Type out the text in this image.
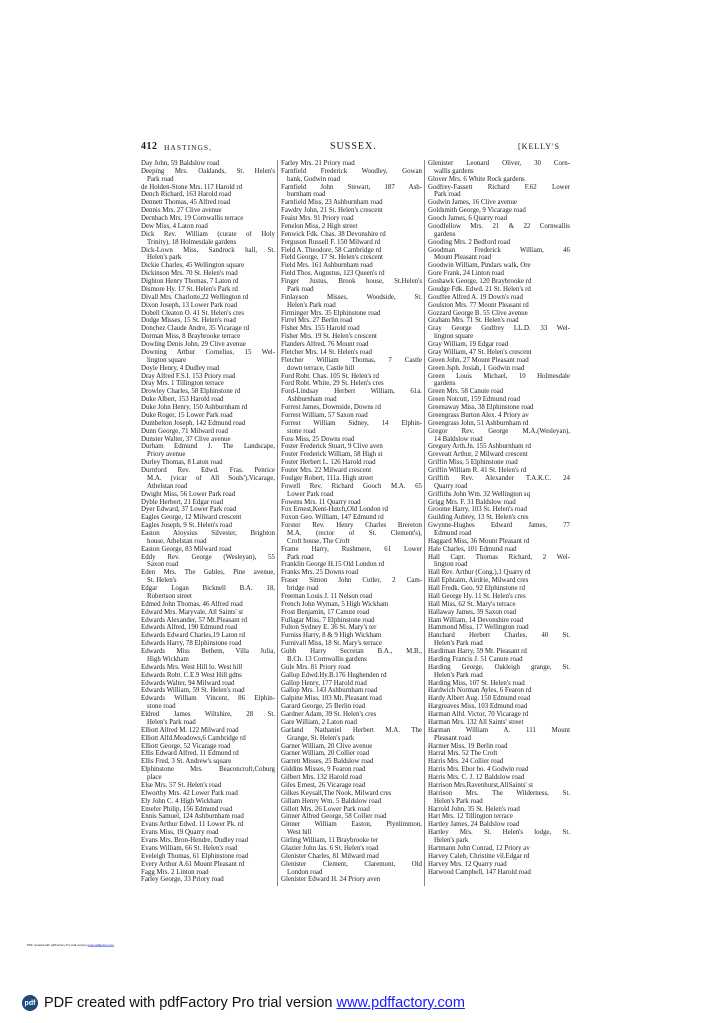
412 HASTINGS,	SUSSEX.	[KELLY'S
Day John, 59 Baldslow road
Deeping Mrs. Oaklands, St. Helen's
Park road
de Holden-Stone Mrs. 117 Harold rd
Dench Richard, 163 Harold road
Dennett Thomas, 45 Alfred road
Dennis Mrs. 27 Clive avenue
Dernbach Mrs. 19 Cornwallis terrace
Dew Miss, 4 Laton road
Dick Rev. William (curate of Holy
Trinity), 18 Holmesdale gardens
Dick-Lown Miss, Sandrock hall, St.
Helen's park
Dickie Charles, 45 Wellington square
Dickinson Mrs. 70 St. Helen's road
Dighton Henry Thomas, 7 Laton rd
Dismore Hy. 17 St. Helen's Park rd
Divall Mrs. Charlotte,22 Wellington rd
Dixon Joseph, 13 Lower Park road
Dobell Cleaton O. 41 St. Helen's cres
Dodge Misses, 15 St. Helen's road
Donchez Claude Andre, 35 Vicarage rd
Dorman Miss, 8 Braybrooke terrace
Dowling Denis John, 29 Clive avenue
Downing Arthur Cornelius, 15 Wel-
lington square
Doyle Henry, 4 Dudley road
Dray Alfred F.S.I. 153 Priory road
Dray Mrs. 1 Tillington terrace
Drowley Charles, 58 Elphinstone rd
Duke Albert, 153 Harold road
Duke John Henry, 150 Ashburnham rd
Duke Roger, 15 Lower Park road
Dumbelton Joseph, 142 Edmund road
Dunn George, 71 Milward road
Dunster Walter, 37 Clive avenue
Durham Edmund J. The Landscape,
Priory avenue
Durley Thomas, 8 Laton road
Durnford Rev. Edwd. Fras. Penrice
M.A. (vicar of All Souls'),Vicarage,
Athelstan road
Dwight Miss, 56 Lower Park road
Dyble Herbert, 21 Edgar road
Dyer Edward, 37 Lower Park road
Eagles George, 12 Milward crescent
Eagles Joseph, 9 St. Helen's road
Easton Aloysius Silvester, Brighton
house, Athelstan road
Easton George, 83 Milward road
Eddy Rev. George (Wesleyan), 55
Saxon road
Eden Mrs. The Gables, Pine avenue,
St. Helen's
Edgar Logan Bicknell B.A. 18,
Robertson street
Edmed John Thomas, 46 Alfred road
Edward Mrs. Maryvale, All Saints' st
Edwards Alexander, 57 Mt.Pleasant rd
Edwards Alfred, 190 Edmund road
Edwards Edward Charles,19 Laton rd
Edwards Harry, 78 Elphinstone road
Edwards Miss Bethem, Villa Julia,
High Wickham
Edwards Mrs. West Hill lo. West hill
Edwards Robt. C.E.9 West Hill gdns
Edwards Walter, 94 Milward road
Edwards William, 59 St. Helen's road
Edwards William Vincent, 86 Elphin-
stone road
Eldred James Wiltshire, 28 St.
Helen's Park road
Elliott Alfred M. 122 Milward road
Elliott Alfd.Meadows,6 Cambridge rd
Elliott George, 52 Vicarage road
Ellis Edward Alfred, 11 Edmund rd
Ellis Fred, 3 St. Andrew's square
Elphinstone Mrs. Beaconcroft,Coburg
place
Else Mrs. 57 St. Helen's road
Elworthy Mrs. 42 Lower Park road
Ely John C. 4 High Wickham
Emefer Philip, 156 Edmund road
Ennis Samuel, 124 Ashburnham road
Evans Arthur Edwd. 11 Lower Pk. rd
Evans Miss, 19 Quarry road
Evans Mrs. Bron-Hendre, Dudley road
Evans William, 66 St. Helen's road
Eveleigh Thomas, 61 Elphinstone road
Every Arthur A.61 Mount Pleasant rd
Fagg Mrs. 2 Linton road
Farley George, 33 Priory road
Farley Mrs. 21 Priory road
Farnfield Frederick Woodley, Gowan
bank, Godwin road
Farnfield John Stewart, 187 Ash-
burnham road
Farnfield Miss, 23 Ashburnham road
Fawdry John, 21 St. Helen's crescent
Feaist Mrs. 91 Priory road
Fenelon Miss, 2 High street
Fenwick Fdk. Chas. 38 Devonshire rd
Ferguson Russell F. 150 Milward rd
Field A. Theodore, 58 Cambridge rd
Field George, 17 St. Helen's crescent
Field Mrs. 161 Ashburnham road
Field Thos. Augustus, 123 Queen's rd
Finger Justus, Brook house, St.Helen's
Park road
Finlayson Misses, Woodside, St.
Helen's Park road
Firminger Mrs. 35 Elphinstone road
Firrel Mrs. 27 Berlin road
Fisher Mrs. 155 Harold road
Fisher Mrs. 19 St. Helen's crescent
Flanders Alfred, 76 Mount road
Fletcher Mrs. 14 St. Helen's road
Fletcher William Thomas, 7 Castle
down terrace, Castle hill
Ford Robt. Chas. 105 St. Helen's rd
Ford Robt. White, 29 St. Helen's cres
Ford-Lindsay Herbert William, 61a.
Ashburnham road
Forrest James, Downside, Downs rd
Forrest William, 57 Saxon road
Forrest William Sidney, 14 Elphin-
stone road
Foss Miss, 25 Downs road
Foster Frederick Stuart, 9 Clive aven
Foster Frederick William, 58 High st
Foster Herbert L. 126 Harold road
Foster Mrs. 22 Milward crescent
Foulger Robert, 111a. High street
Fowell Rev. Richard Gooch M.A. 65
Lower Park road
Fowens Mrs. 11 Quarry road
Fox Ernest,Kent-Hutch,Old London rd
Foxon Geo. William, 147 Edmund rd
Forster Rev. Henry Charles Brereton
M.A. (rector of St. Clement's),
Croft house, The Croft
Frame Harry, Rushmere, 61 Lower
Park road
Franklin George H.15 Old London rd
Franks Mrs. 25 Downs road
Fraser Simon John Cutler, 2 Cam-
bridge road
Freeman Louis J. 11 Nelson road
French John Wyman, 5 High Wickham
Frost Benjamin, 17 Canute road
Fullagar Miss, 7 Elphinstone road
Fulton Sydney E. 36 St. Mary's ter
Furniss Harry, 8 & 9 High Wickham
Furnivall Miss, 18 St. Mary's terrace
Gubb Harry Secretan B.A., M.B.,
B.Ch. 13 Cornwallis gardens
Gule Mrs. 81 Priory road
Gallop Edwd.Hy.B.176 Hughenden rd
Gallop Henry, 177 Harold road
Gallop Mrs. 143 Ashburnham road
Galpine Miss, 103 Mt. Pleasant road
Garard George, 25 Berlin road
Gardner Adam, 39 St. Helen's cres
Gare William, 2 Laton road
Garland Nathaniel Herbert M.A. The
Grange, St. Helen's park
Garner William, 20 Clive avenue
Garner William, 20 Collier road
Garrett Misses, 25 Baldslow road
Giddins Misses, 9 Fearon road
Gilbert Mrs. 132 Harold road
Giles Ernest, 26 Vicarage road
Gilkes Keysall,The Nook, Milward cres
Gillam Henry Wm. 5 Baldslow road
Gillett Mrs. 26 Lower Park road
Ginner Alfred George, 58 Collier road
Ginner William Easton, Plynlimmon,
West hill
Girling William, 11 Braybrooke ter
Glazier John Jas. 6 St. Helen's road
Glenister Charles, 81 Milward road
Glenister Clement, Claremont, Old
London road
Glenister Edward H. 24 Priory aven
Glenister Leonard Oliver, 30 Corn-
wallis gardens
Glover Mrs. 6 White Rock gardens
Godfrey-Fassett Richard F.62 Lower
Park road
Godwin James, 16 Clive avenue
Goldsmith George, 9 Vicarage road
Gooch James, 6 Quarry road
Goodfellow Mrs. 21 & 22 Cornwallis
gardens
Gooding Mrs. 2 Bedford road
Goodman Frederick William, 46
Mount Pleasant road
Goodwin William, Pindars walk, Ore
Gore Frank, 24 Linton road
Goshawk George, 120 Braybrooke rd
Goudge Fdk. Edwd. 21 St. Helen's rd
Gouffee Alfred A. 19 Down's road
Goulston Mrs. 77 Mount Pleasant rd
Gozzard George B. 55 Clive avenue
Graham Mrs. 71 St. Helen's road
Gray George Godfrey LL.D. 33 Wel-
lington square
Gray William, 19 Edgar road
Gray William, 47 St. Helen's crescent
Green John, 27 Mount Pleasant road
Green Jsph. Josiah, 1 Godwin road
Green Louis Michael, 10 Holmesdale
gardens
Green Mrs. 58 Canute road
Green Notcutt, 159 Edmund road
Greenaway Miss, 38 Elphinstone road
Greengrass Burton Alex. 4 Priory av
Greengrass John, 51 Ashburnham rd
Gregor Rev. George M.A.(Wesleyan),
14 Baldslow road
Gregory Arth.Jn. 155 Ashburnham rd
Greveatt Arthur, 2 Milward crescent
Griffin Miss, 5 Elphinstone road
Griffin William R. 41 St. Helen's rd
Griffith Rev. Alexander T.A.K.C. 24
Quarry road
Griffiths John Wm. 32 Wellington sq
Grigg Mrs. F. 31 Baldslow road
Groome Harry, 103 St. Helen's road
Guilding Aubrey, 13 St. Helen's cres
Gwynne-Hughes Edward James, 77
Edmund road
Haggard Miss, 36 Mount Pleasant rd
Hale Charles, 101 Edmund road
Hall Capt. Thomas Richard, 2 Wel-
lington road
Hall Rev. Arthur (Cong.),1 Quarry rd
Hall Ephraim, Airdrie, Milward cres
Hall Fredk. Geo. 92 Elphinstone rd
Hall George Hy. 11 St. Helen's cres
Hall Miss, 62 St. Mary's terrace
Hallaway James, 39 Saxon road
Ham William, 14 Devonshire road
Hammond Miss, 17 Wellington road
Hanchard Herbert Charles, 40 St.
Helen's Park road
Hardiman Harry, 59 Mt. Pleasant rd
Harding Francis J. 51 Canute road
Harding George, Oakleigh grange, St.
Helen's Park road
Harding Miss, 107 St. Helen's road
Hardwich Norman Ayles, 6 Fearon rd
Hardy Albert Aug. 150 Edmund road
Hargreaves Miss, 103 Edmund road
Harman Alfd. Victor, 70 Vicarage rd
Harman Mrs. 132 All Saints' street
Harman William A. 111 Mount
Pleasant road
Harmer Miss, 19 Berlin road
Harral Mrs. 52 The Croft
Harris Mrs. 24 Collier road
Harris Mrs. Ebor ho. 4 Godwin road
Harris Mrs. C. J. 12 Baldslow road
Harrison Mrs.Ravenhurst,AllSaints' st
Harrison Mrs. The Wilderness, St.
Helen's Park road
Harrold John, 35 St. Helen's road
Hart Mrs. 12 Tillington terrace
Hartley James, 24 Baldslow road
Hartley Mrs. St. Helen's lodge, St.
Helen's park
Hartmann John Conrad, 12 Priory av
Harvey Caleb, Christine vil.Edgar rd
Harvey Mrs. 12 Quarry road
Harwood Campbell, 147 Harold road
PDF created with pdfFactory Pro trial version www.pdffactory.com
pdf PDF created with pdfFactory Pro trial version www.pdffactory.com
